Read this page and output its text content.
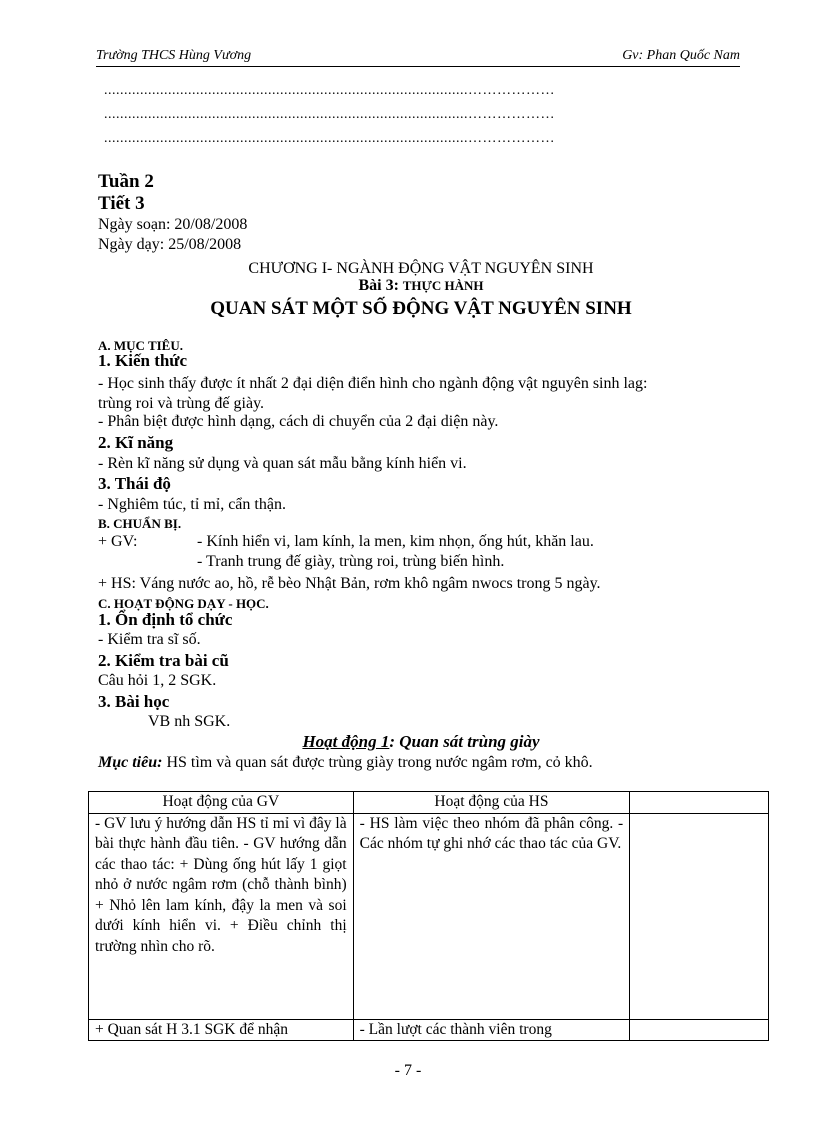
Trường THCS Hùng Vương	Gv: Phan Quốc Nam
...........................................................................................………………
...........................................................................................………………
...........................................................................................………………
Tuần 2
Tiết 3
Ngày soạn: 20/08/2008
Ngày dạy: 25/08/2008
CHƯƠNG I- NGÀNH ĐỘNG VẬT NGUYÊN SINH
Bài 3: THỰC HÀNH
QUAN SÁT MỘT SỐ ĐỘNG VẬT NGUYÊN SINH
A. MỤC TIÊU.
1. Kiến thức
- Học sinh thấy được ít nhất 2 đại diện điển hình cho ngành động vật nguyên sinh lag:
trùng roi và trùng đế giày.
- Phân biệt được hình dạng, cách di chuyển của 2 đại diện này.
2. Kĩ năng
- Rèn kĩ năng sử dụng và quan sát mẫu bằng kính hiển vi.
3. Thái độ
- Nghiêm túc, tỉ mỉ, cẩn thận.
B. CHUẨN BỊ.
+ GV:	- Kính hiển vi, lam kính, la men, kim nhọn, ống hút, khăn lau.
- Tranh trung đế giày, trùng roi, trùng biến hình.
+ HS: Váng nước ao, hồ, rễ bèo Nhật Bản, rơm khô ngâm nwocs trong 5 ngày.
C. HOẠT ĐỘNG DẠY - HỌC.
1. Ổn định tổ chức
- Kiểm tra sĩ số.
2. Kiểm tra bài cũ
Câu hỏi 1, 2 SGK.
3. Bài học
VB nh SGK.
Hoạt động 1: Quan sát trùng giày
Mục tiêu: HS tìm và quan sát được trùng giày trong nước ngâm rơm, cỏ khô.
Hoạt động của GV	Hoạt động của HS	
- GV lưu ý hướng dẫn HS tỉ mỉ vì đây là bài thực hành đầu tiên. - GV hướng dẫn các thao tác: + Dùng ống hút lấy 1 giọt nhỏ ở nước ngâm rơm (chỗ thành bình) + Nhỏ lên lam kính, đậy la men và soi dưới kính hiển vi. + Điều chỉnh thị trường nhìn cho rõ.	- HS làm việc theo nhóm đã phân công. - Các nhóm tự ghi nhớ các thao tác của GV.	
+ Quan sát H 3.1 SGK để nhận	- Lần lượt các thành viên trong	
- 7 -
